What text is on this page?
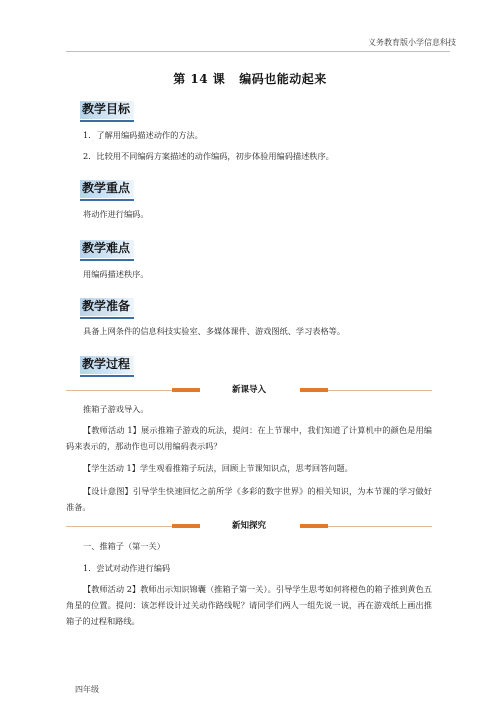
义务教育版小学信息科技
第 14 课 编码也能动起来
教学目标
1．了解用编码描述动作的方法。
2．比较用不同编码方案描述的动作编码，初步体验用编码描述秩序。
教学重点
将动作进行编码。
教学难点
用编码描述秩序。
教学准备
具备上网条件的信息科技实验室、多媒体课件、游戏图纸、学习表格等。
教学过程
新课导入
推箱子游戏导入。
【教师活动 1】展示推箱子游戏的玩法，提问：在上节课中，我们知道了计算机中的颜色是用编码来表示的，那动作也可以用编码表示吗？
【学生活动 1】学生观看推箱子玩法，回顾上节课知识点，思考回答问题。
【设计意图】引导学生快速回忆之前所学《多彩的数字世界》的相关知识，为本节课的学习做好准备。
新知探究
一、推箱子（第一关）
1．尝试对动作进行编码
【教师活动 2】教师出示知识锦囊（推箱子第一关）。引导学生思考如何将橙色的箱子推到黄色五角星的位置。提问：该怎样设计过关动作路线呢？请同学们两人一组先说一说，再在游戏纸上画出推箱子的过程和路线。
四年级
